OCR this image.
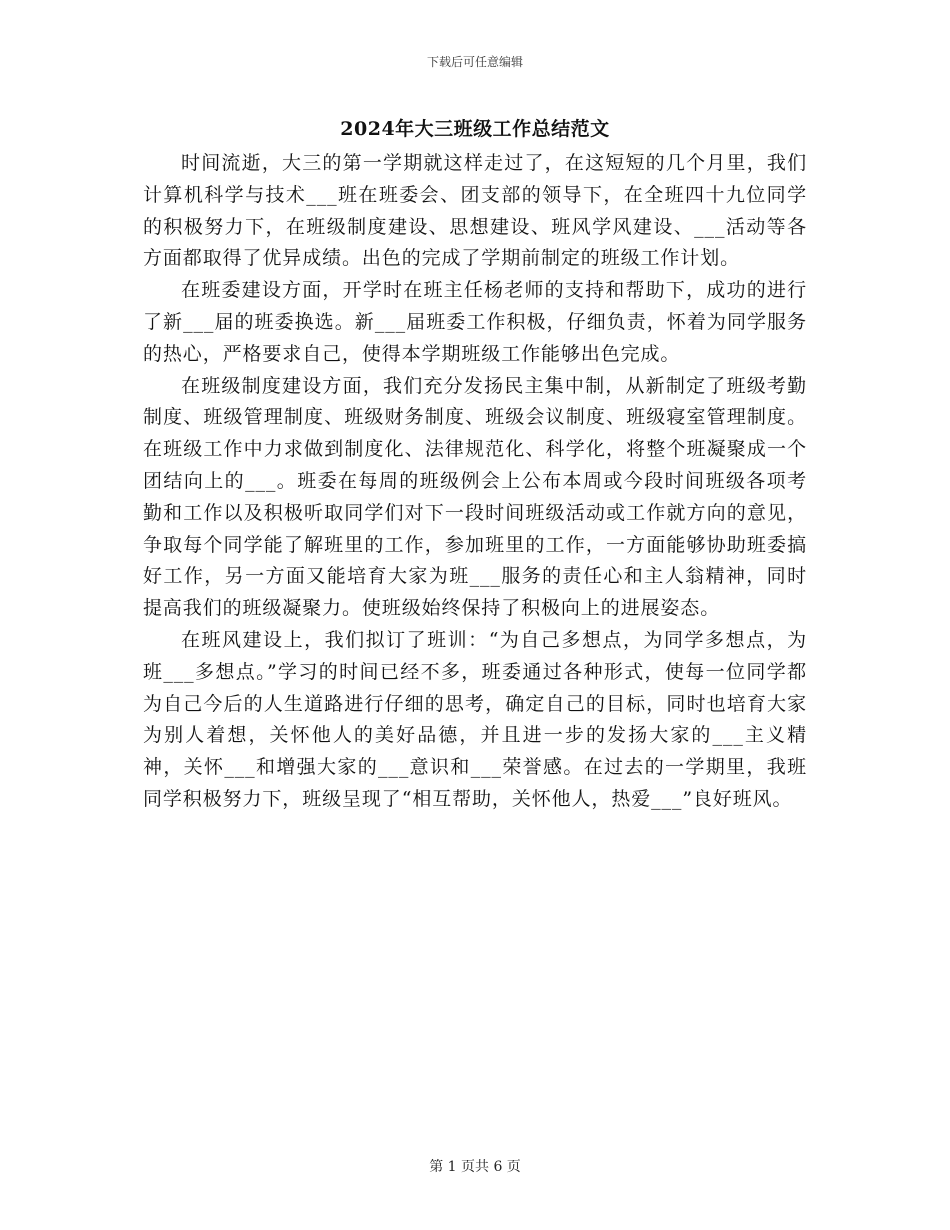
下载后可任意编辑
2024年大三班级工作总结范文

时间流逝，大三的第一学期就这样走过了，在这短短的几个月里，我们计算机科学与技术___班在班委会、团支部的领导下，在全班四十九位同学的积极努力下，在班级制度建设、思想建设、班风学风建设、___活动等各方面都取得了优异成绩。出色的完成了学期前制定的班级工作计划。

在班委建设方面，开学时在班主任杨老师的支持和帮助下，成功的进行了新___届的班委换选。新___届班委工作积极，仔细负责，怀着为同学服务的热心，严格要求自己，使得本学期班级工作能够出色完成。

在班级制度建设方面，我们充分发扬民主集中制，从新制定了班级考勤制度、班级管理制度、班级财务制度、班级会议制度、班级寝室管理制度。在班级工作中力求做到制度化、法律规范化、科学化，将整个班凝聚成一个团结向上的___。班委在每周的班级例会上公布本周或今段时间班级各项考勤和工作以及积极听取同学们对下一段时间班级活动或工作就方向的意见，争取每个同学能了解班里的工作，参加班里的工作，一方面能够协助班委搞好工作，另一方面又能培育大家为班___服务的责任心和主人翁精神，同时提高我们的班级凝聚力。使班级始终保持了积极向上的进展姿态。

在班风建设上，我们拟订了班训：“为自己多想点，为同学多想点，为班___多想点。”学习的时间已经不多，班委通过各种形式，使每一位同学都为自己今后的人生道路进行仔细的思考，确定自己的目标，同时也培育大家为别人着想，关怀他人的美好品德，并且进一步的发扬大家的___主义精神，关怀___和增强大家的___意识和___荣誉感。在过去的一学期里，我班同学积极努力下，班级呈现了“相互帮助，关怀他人，热爱___”良好班风。

第 1 页共 6 页
